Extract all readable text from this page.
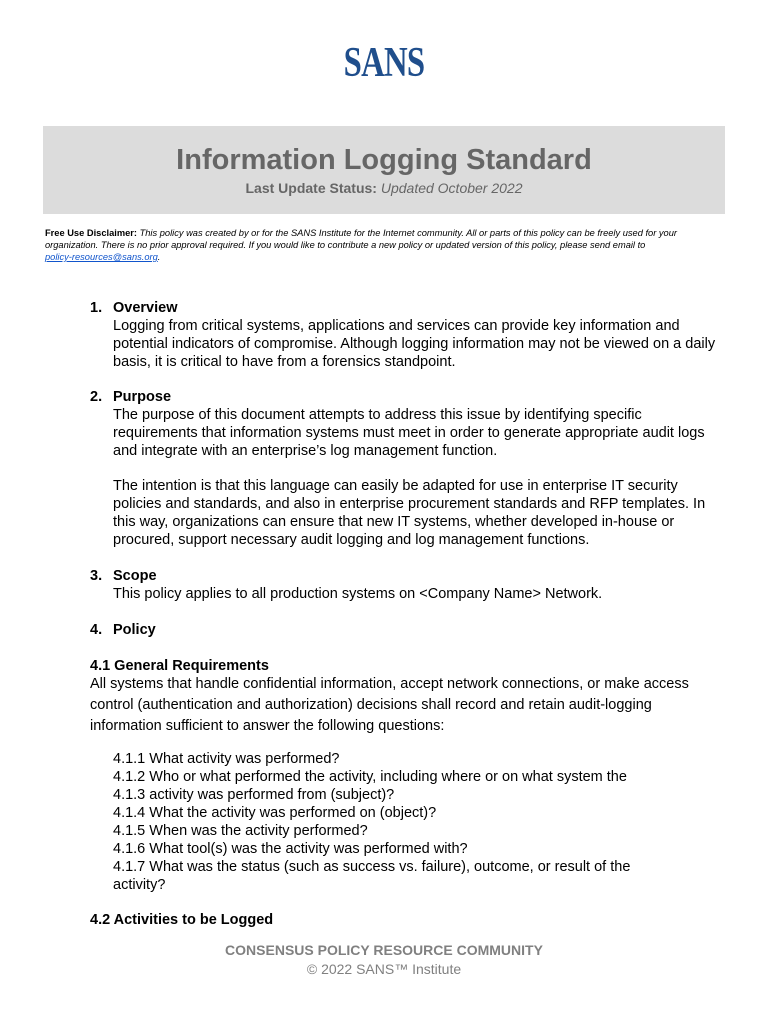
SANS
Information Logging Standard
Last Update Status: Updated October 2022
Free Use Disclaimer: This policy was created by or for the SANS Institute for the Internet community. All or parts of this policy can be freely used for your organization. There is no prior approval required. If you would like to contribute a new policy or updated version of this policy, please send email to
policy-resources@sans.org.
1. Overview
Logging from critical systems, applications and services can provide key information and potential indicators of compromise. Although logging information may not be viewed on a daily basis, it is critical to have from a forensics standpoint.
2. Purpose
The purpose of this document attempts to address this issue by identifying specific requirements that information systems must meet in order to generate appropriate audit logs and integrate with an enterprise’s log management function.
The intention is that this language can easily be adapted for use in enterprise IT security policies and standards, and also in enterprise procurement standards and RFP templates. In this way, organizations can ensure that new IT systems, whether developed in-house or procured, support necessary audit logging and log management functions.
3. Scope
This policy applies to all production systems on <Company Name> Network.
4. Policy
4.1 General Requirements
All systems that handle confidential information, accept network connections, or make access control (authentication and authorization) decisions shall record and retain audit-logging information sufficient to answer the following questions:
4.1.1 What activity was performed?
4.1.2 Who or what performed the activity, including where or on what system the
4.1.3 activity was performed from (subject)?
4.1.4 What the activity was performed on (object)?
4.1.5 When was the activity performed?
4.1.6 What tool(s) was the activity was performed with?
4.1.7 What was the status (such as success vs. failure), outcome, or result of the
activity?
4.2 Activities to be Logged
CONSENSUS POLICY RESOURCE COMMUNITY
© 2022 SANS™ Institute
